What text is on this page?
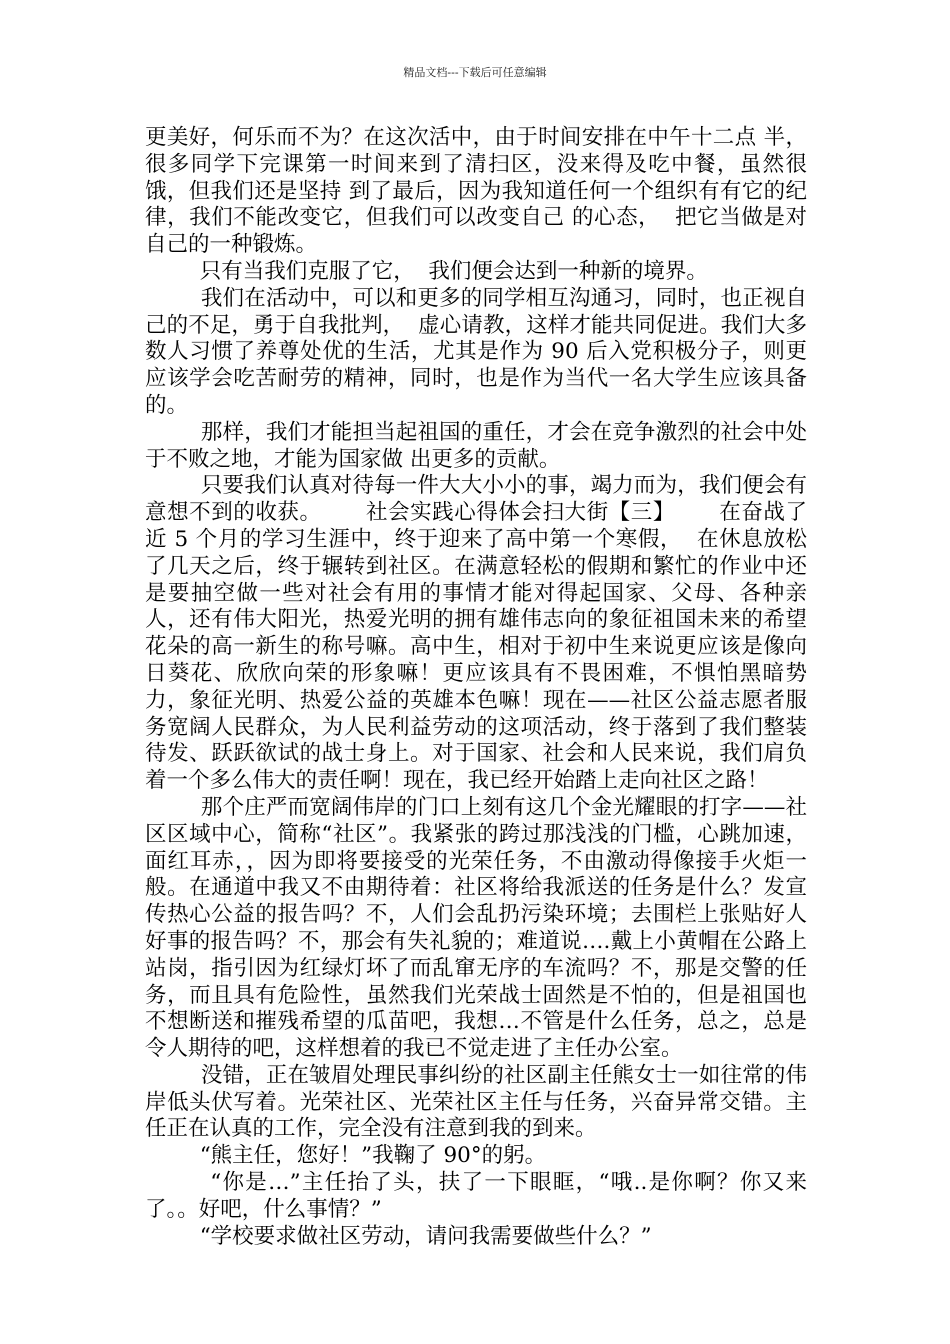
精品文档---下载后可任意编辑

更美好，何乐而不为？在这次活中，由于时间安排在中午十二点 半，很多同学下完课第一时间来到了清扫区，没来得及吃中餐，虽然很饿，但我们还是坚持 到了最后，因为我知道任何一个组织有有它的纪律，我们不能改变它，但我们可以改变自己 的心态，  把它当做是对自己的一种锻炼。

只有当我们克服了它，  我们便会达到一种新的境界。

我们在活动中，可以和更多的同学相互沟通习，同时，也正视自己的不足，勇于自我批判，  虚心请教，这样才能共同促进。我们大多数人习惯了养尊处优的生活，尤其是作为 90 后入党积极分子，则更应该学会吃苦耐劳的精神，同时，也是作为当代一名大学生应该具备的。

那样，我们才能担当起祖国的重任，才会在竞争激烈的社会中处于不败之地，才能为国家做 出更多的贡献。

只要我们认真对待每一件大大小小的事，竭力而为，我们便会有意想不到的收获。      社会实践心得体会扫大街【三】      在奋战了近 5 个月的学习生涯中，终于迎来了高中第一个寒假，  在休息放松了几天之后，终于辗转到社区。在满意轻松的假期和繁忙的作业中还是要抽空做一些对社会有用的事情才能对得起国家、父母、各种亲人，还有伟大阳光，热爱光明的拥有雄伟志向的象征祖国未来的希望花朵的高一新生的称号嘛。高中生，相对于初中生来说更应该是像向日葵花、欣欣向荣的形象嘛！更应该具有不畏困难，不惧怕黑暗势力，象征光明、热爱公益的英雄本色嘛！现在——社区公益志愿者服务宽阔人民群众，为人民利益劳动的这项活动，终于落到了我们整装待发、跃跃欲试的战士身上。对于国家、社会和人民来说，我们肩负着一个多么伟大的责任啊！现在，我已经开始踏上走向社区之路！

那个庄严而宽阔伟岸的门口上刻有这几个金光耀眼的打字——社区区域中心，简称“社区”。我紧张的跨过那浅浅的门槛，心跳加速，面红耳赤，，因为即将要接受的光荣任务，不由激动得像接手火炬一般。在通道中我又不由期待着：社区将给我派送的任务是什么？发宣传热心公益的报告吗？不，人们会乱扔污染环境；去围栏上张贴好人好事的报告吗？不，那会有失礼貌的；难道说….戴上小黄帽在公路上站岗，指引因为红绿灯坏了而乱窜无序的车流吗？不，那是交警的任务，而且具有危险性，虽然我们光荣战士固然是不怕的，但是祖国也不想断送和摧残希望的瓜苗吧，我想…不管是什么任务，总之，总是令人期待的吧，这样想着的我已不觉走进了主任办公室。

没错，正在皱眉处理民事纠纷的社区副主任熊女士一如往常的伟岸低头伏写着。光荣社区、光荣社区主任与任务，兴奋异常交错。主任正在认真的工作，完全没有注意到我的到来。

“熊主任，您好！”我鞠了 90°的躬。

“你是…”主任抬了头，扶了一下眼眶，“哦..是你啊？你又来了。。好吧，什么事情？”

“学校要求做社区劳动，请问我需要做些什么？”
